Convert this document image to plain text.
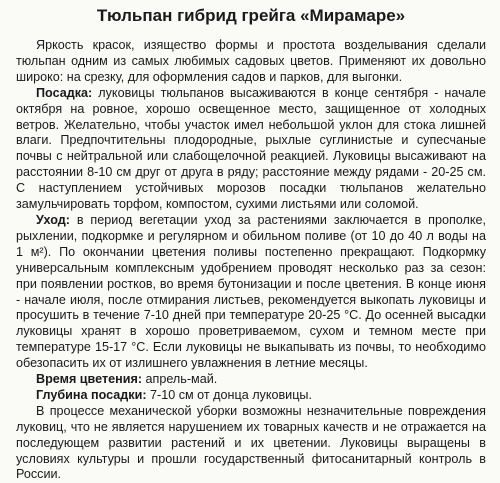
Тюльпан гибрид грейга «Мирамаре»

Яркость красок, изящество формы и простота возделывания сделали тюльпан одним из самых любимых садовых цветов. Применяют их довольно широко: на срезку, для оформления садов и парков, для выгонки.

Посадка: луковицы тюльпанов высаживаются в конце сентября - начале октября на ровное, хорошо освещенное место, защищенное от холодных ветров. Желательно, чтобы участок имел небольшой уклон для стока лишней влаги. Предпочтительны плодородные, рыхлые суглинистые и супесчаные почвы с нейтральной или слабощелочной реакцией. Луковицы высаживают на расстоянии 8-10 см друг от друга в ряду; расстояние между рядами - 20-25 см. С наступлением устойчивых морозов посадки тюльпанов желательно замульчировать торфом, компостом, сухими листьями или соломой.

Уход: в период вегетации уход за растениями заключается в прополке, рыхлении, подкормке и регулярном и обильном поливе (от 10 до 40 л воды на 1 м²). По окончании цветения поливы постепенно прекращают. Подкормку универсальным комплексным удобрением проводят несколько раз за сезон: при появлении ростков, во время бутонизации и после цветения. В конце июня - начале июля, после отмирания листьев, рекомендуется выкопать луковицы и просушить в течение 7-10 дней при температуре 20-25 °С. До осенней высадки луковицы хранят в хорошо проветриваемом, сухом и темном месте при температуре 15-17 °С. Если луковицы не выкапывать из почвы, то необходимо обезопасить их от излишнего увлажнения в летние месяцы.

Время цветения: апрель-май.

Глубина посадки: 7-10 см от донца луковицы.

В процессе механической уборки возможны незначительные повреждения луковиц, что не является нарушением их товарных качеств и не отражается на последующем развитии растений и их цветении. Луковицы выращены в условиях культуры и прошли государственный фитосанитарный контроль в России.
